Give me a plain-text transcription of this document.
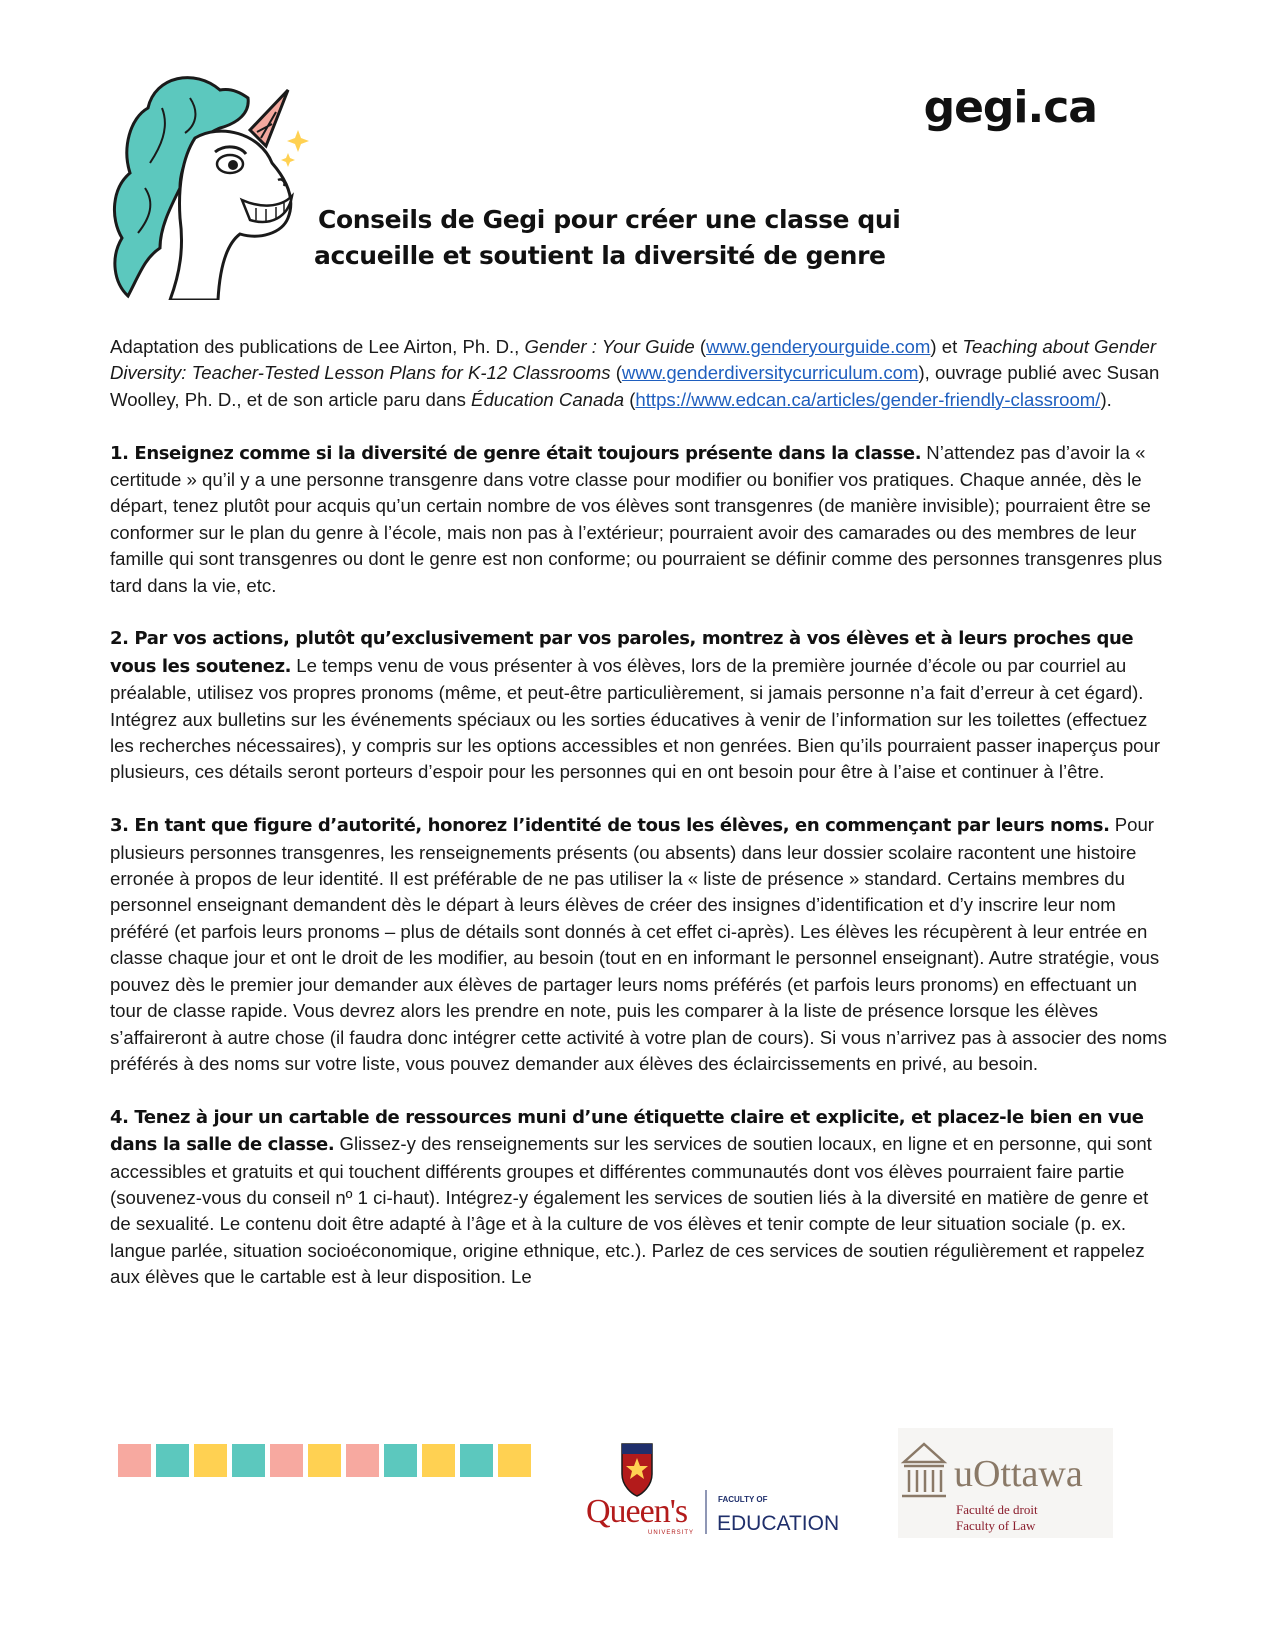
gegi.ca
Conseils de Gegi pour créer une classe qui
accueille et soutient la diversité de genre

Adaptation des publications de Lee Airton, Ph. D., Gender : Your Guide (www.genderyourguide.com) et Teaching about Gender Diversity: Teacher-Tested Lesson Plans for K-12 Classrooms (www.genderdiversitycurriculum.com), ouvrage publié avec Susan Woolley, Ph. D., et de son article paru dans Éducation Canada (https://www.edcan.ca/articles/gender-friendly-classroom/).

1. Enseignez comme si la diversité de genre était toujours présente dans la classe. N’attendez pas d’avoir la « certitude » qu’il y a une personne transgenre dans votre classe pour modifier ou bonifier vos pratiques. Chaque année, dès le départ, tenez plutôt pour acquis qu’un certain nombre de vos élèves sont transgenres (de manière invisible); pourraient être se conformer sur le plan du genre à l’école, mais non pas à l’extérieur; pourraient avoir des camarades ou des membres de leur famille qui sont transgenres ou dont le genre est non conforme; ou pourraient se définir comme des personnes transgenres plus tard dans la vie, etc.

2. Par vos actions, plutôt qu’exclusivement par vos paroles, montrez à vos élèves et à leurs proches que vous les soutenez. Le temps venu de vous présenter à vos élèves, lors de la première journée d’école ou par courriel au préalable, utilisez vos propres pronoms (même, et peut-être particulièrement, si jamais personne n’a fait d’erreur à cet égard). Intégrez aux bulletins sur les événements spéciaux ou les sorties éducatives à venir de l’information sur les toilettes (effectuez les recherches nécessaires), y compris sur les options accessibles et non genrées. Bien qu’ils pourraient passer inaperçus pour plusieurs, ces détails seront porteurs d’espoir pour les personnes qui en ont besoin pour être à l’aise et continuer à l’être.

3. En tant que figure d’autorité, honorez l’identité de tous les élèves, en commençant par leurs noms. Pour plusieurs personnes transgenres, les renseignements présents (ou absents) dans leur dossier scolaire racontent une histoire erronée à propos de leur identité. Il est préférable de ne pas utiliser la « liste de présence » standard. Certains membres du personnel enseignant demandent dès le départ à leurs élèves de créer des insignes d’identification et d’y inscrire leur nom préféré (et parfois leurs pronoms – plus de détails sont donnés à cet effet ci-après). Les élèves les récupèrent à leur entrée en classe chaque jour et ont le droit de les modifier, au besoin (tout en en informant le personnel enseignant). Autre stratégie, vous pouvez dès le premier jour demander aux élèves de partager leurs noms préférés (et parfois leurs pronoms) en effectuant un tour de classe rapide. Vous devrez alors les prendre en note, puis les comparer à la liste de présence lorsque les élèves s’affaireront à autre chose (il faudra donc intégrer cette activité à votre plan de cours). Si vous n’arrivez pas à associer des noms préférés à des noms sur votre liste, vous pouvez demander aux élèves des éclaircissements en privé, au besoin.

4. Tenez à jour un cartable de ressources muni d’une étiquette claire et explicite, et placez-le bien en vue dans la salle de classe. Glissez-y des renseignements sur les services de soutien locaux, en ligne et en personne, qui sont accessibles et gratuits et qui touchent différents groupes et différentes communautés dont vos élèves pourraient faire partie (souvenez-vous du conseil nº 1 ci-haut). Intégrez-y également les services de soutien liés à la diversité en matière de genre et de sexualité. Le contenu doit être adapté à l’âge et à la culture de vos élèves et tenir compte de leur situation sociale (p. ex. langue parlée, situation socioéconomique, origine ethnique, etc.). Parlez de ces services de soutien régulièrement et rappelez aux élèves que le cartable est à leur disposition. Le

Queen's
UNIVERSITY
FACULTY OF
EDUCATION
uOttawa
Faculté de droit
Faculty of Law
